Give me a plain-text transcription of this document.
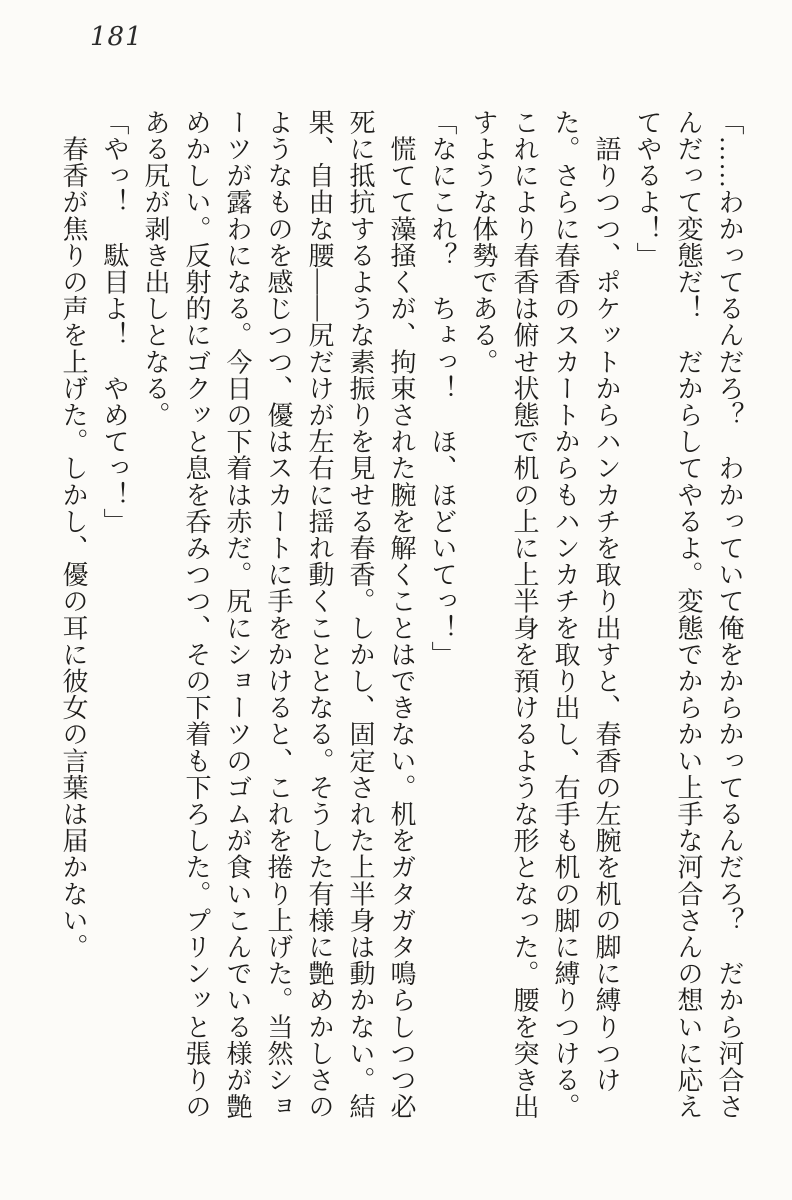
181

「……わかってるんだろ？　わかっていて俺をからかってるんだろ？　だから河合さんだって変態だ！　だからしてやるよ。変態でからかい上手な河合さんの想いに応えてやるよ！」

　語りつつ、ポケットからハンカチを取り出すと、春香の左腕を机の脚に縛りつけた。さらに春香のスカートからもハンカチを取り出し、右手も机の脚に縛りつける。これにより春香は俯せ状態で机の上に上半身を預けるような形となった。腰を突き出すような体勢である。

「なにこれ？　ちょっ！　ほ、ほどいてっ！」

　慌てて藻掻くが、拘束された腕を解くことはできない。机をガタガタ鳴らしつつ必死に抵抗するような素振りを見せる春香。しかし、固定された上半身は動かない。結果、自由な腰――尻だけが左右に揺れ動くこととなる。そうした有様に艶めかしさのようなものを感じつつ、優はスカートに手をかけると、これを捲り上げた。当然ショーツが露わになる。今日の下着は赤だ。尻にショーツのゴムが食いこんでいる様が艶めかしい。反射的にゴクッと息を呑みつつ、その下着も下ろした。プリンッと張りのある尻が剥き出しとなる。

「やっ！　駄目よ！　やめてっ！」

　春香が焦りの声を上げた。しかし、優の耳に彼女の言葉は届かない。
